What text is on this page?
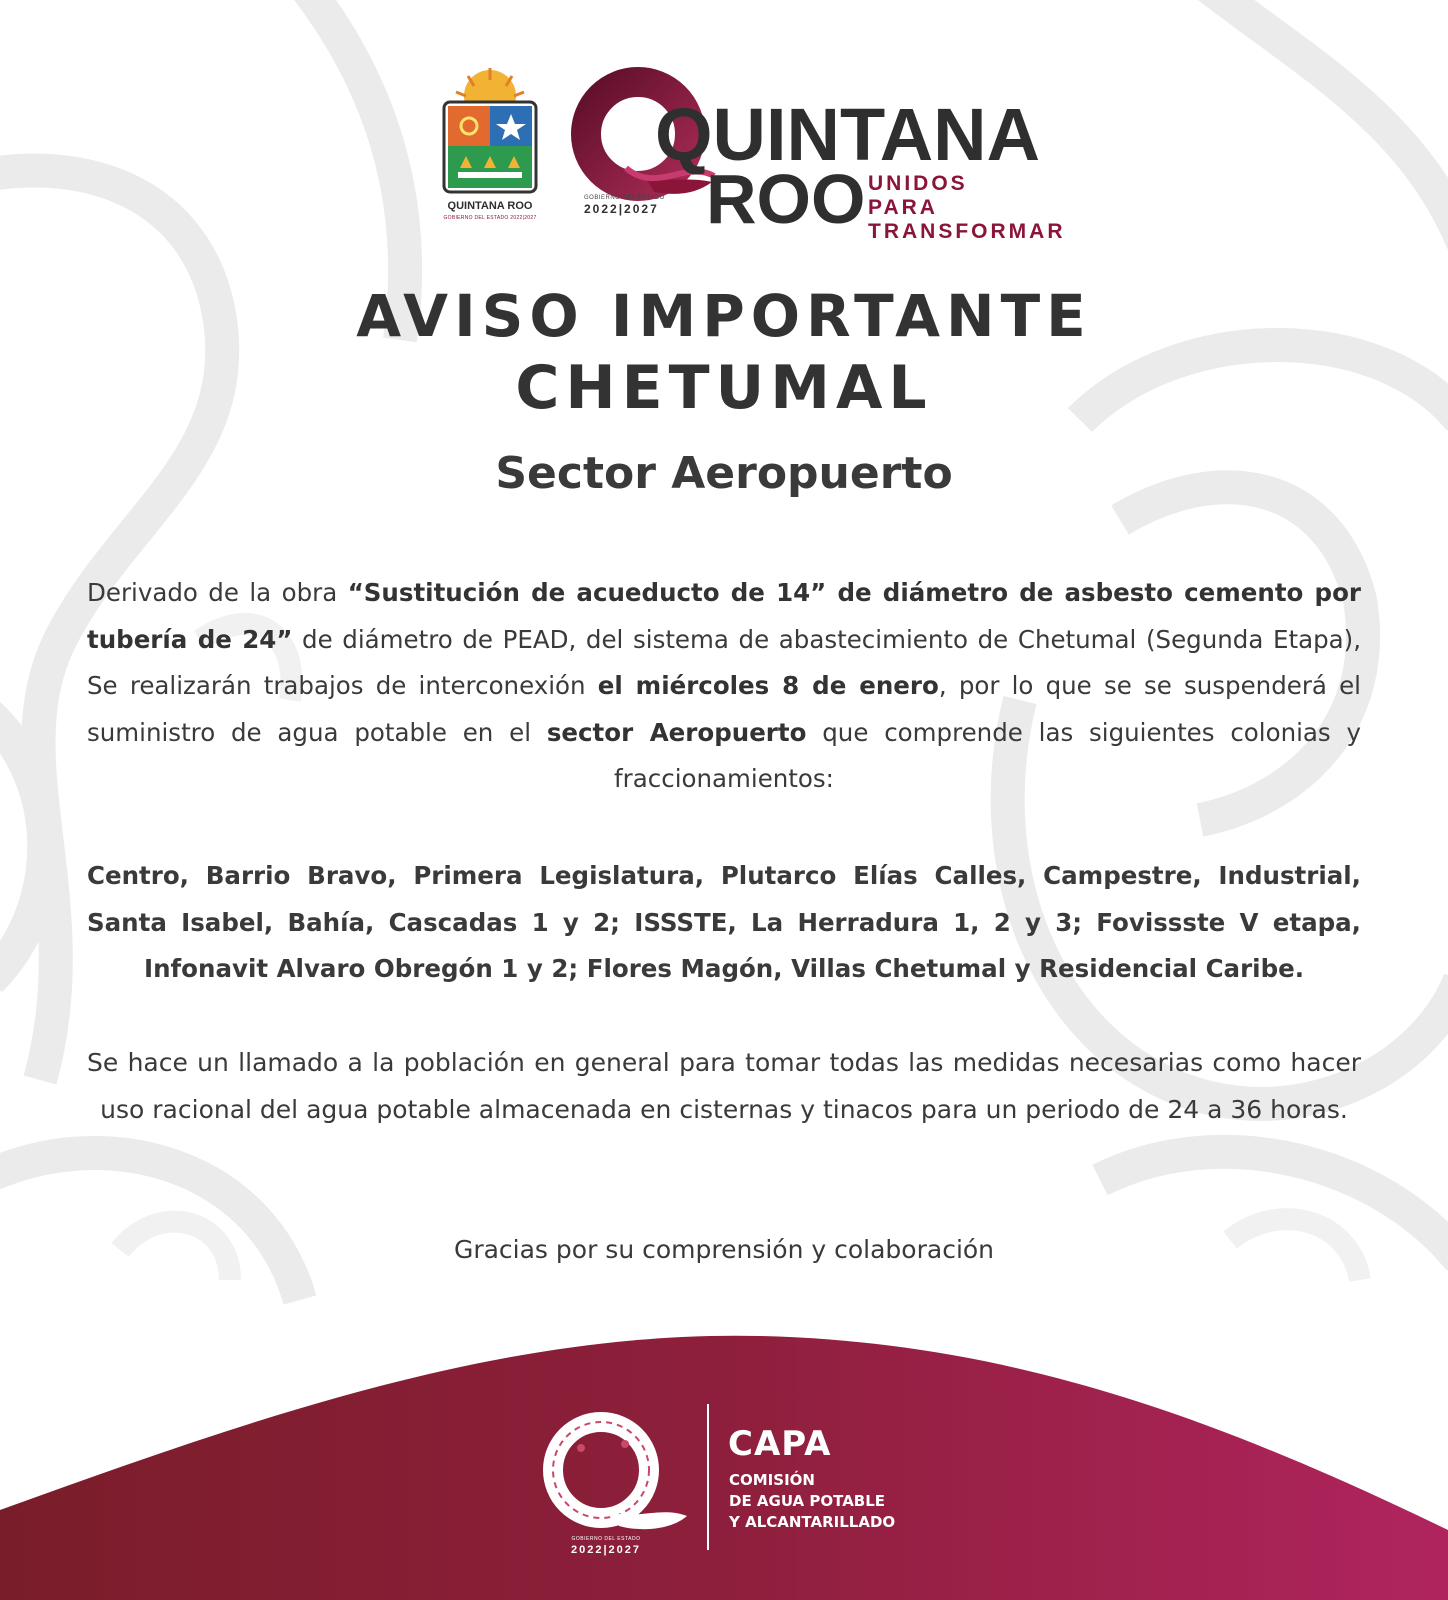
QUINTANA ROO
GOBIERNO DEL ESTADO 2022|2027
QUINTANA
ROO UNIDOS PARA
TRANSFORMAR
GOBIERNO DEL ESTADO
2022|2027
AVISO IMPORTANTE
CHETUMAL
Sector Aeropuerto
Derivado de la obra “Sustitución de acueducto de 14” de diámetro de asbesto cemento por tubería de 24” de diámetro de PEAD, del sistema de abastecimiento de Chetumal (Segunda Etapa), Se realizarán trabajos de interconexión el miércoles 8 de enero, por lo que se se suspenderá el suministro de agua potable en el sector Aeropuerto que comprende las siguientes colonias y fraccionamientos:
Centro, Barrio Bravo, Primera Legislatura, Plutarco Elías Calles, Campestre, Industrial, Santa Isabel, Bahía, Cascadas 1 y 2; ISSSTE, La Herradura 1, 2 y 3; Fovissste V etapa, Infonavit Alvaro Obregón 1 y 2; Flores Magón, Villas Chetumal y Residencial Caribe.
Se hace un llamado a la población en general para tomar todas las medidas necesarias como hacer uso racional del agua potable almacenada en cisternas y tinacos para un periodo de 24 a 36 horas.
Gracias por su comprensión y colaboración
GOBIERNO DEL ESTADO
2022|2027
CAPA
COMISIÓN
DE AGUA POTABLE
Y ALCANTARILLADO
